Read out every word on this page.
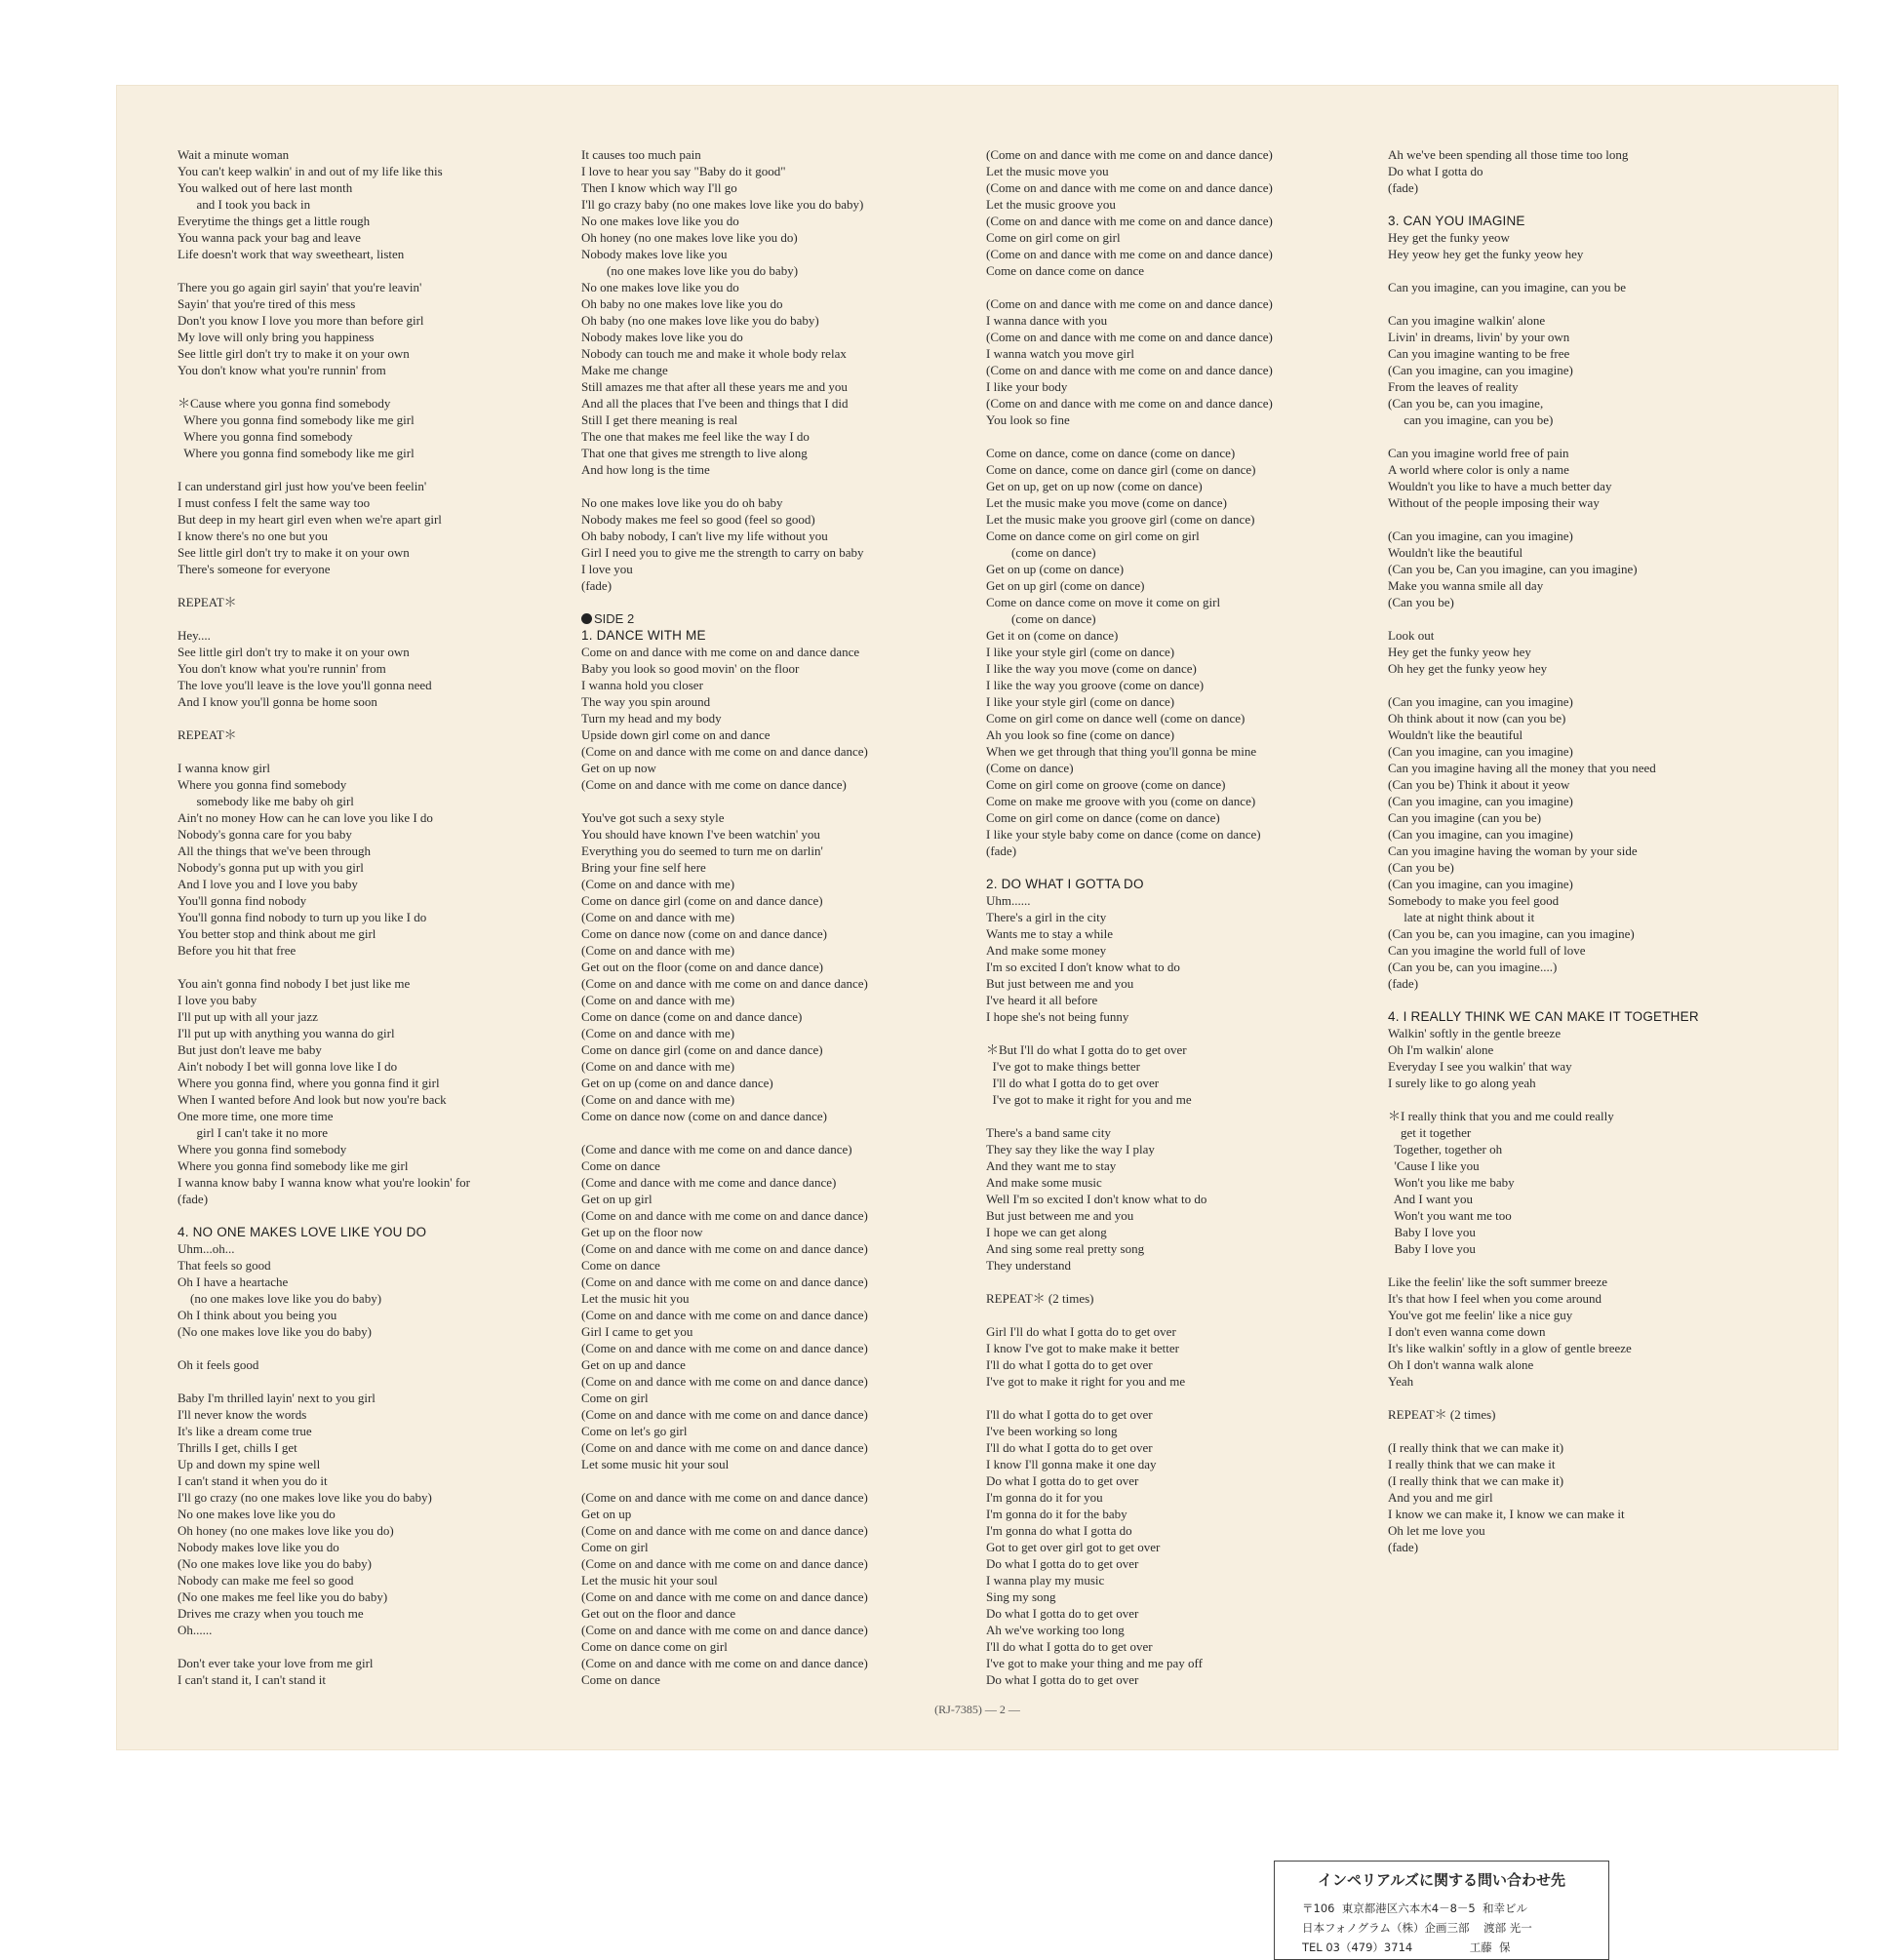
Wait a minute woman
You can't keep walkin' in and out of my life like this
You walked out of here last month
and I took you back in
Everytime the things get a little rough
You wanna pack your bag and leave
Life doesn't work that way sweetheart, listen
There you go again girl sayin' that you're leavin'
Sayin' that you're tired of this mess
Don't you know I love you more than before girl
My love will only bring you happiness
See little girl don't try to make it on your own
You don't know what you're runnin' from
＊Cause where you gonna find somebody
Where you gonna find somebody like me girl
Where you gonna find somebody
Where you gonna find somebody like me girl
I can understand girl just how you've been feelin'
I must confess I felt the same way too
But deep in my heart girl even when we're apart girl
I know there's no one but you
See little girl don't try to make it on your own
There's someone for everyone
REPEAT＊
Hey....
See little girl don't try to make it on your own
You don't know what you're runnin' from
The love you'll leave is the love you'll gonna need
And I know you'll gonna be home soon
REPEAT＊
I wanna know girl
Where you gonna find somebody
somebody like me baby oh girl
Ain't no money How can he can love you like I do
Nobody's gonna care for you baby
All the things that we've been through
Nobody's gonna put up with you girl
And I love you and I love you baby
You'll gonna find nobody
You'll gonna find nobody to turn up you like I do
You better stop and think about me girl
Before you hit that free
You ain't gonna find nobody I bet just like me
I love you baby
I'll put up with all your jazz
I'll put up with anything you wanna do girl
But just don't leave me baby
Ain't nobody I bet will gonna love like I do
Where you gonna find, where you gonna find it girl
When I wanted before And look but now you're back
One more time, one more time
girl I can't take it no more
Where you gonna find somebody
Where you gonna find somebody like me girl
I wanna know baby I wanna know what you're lookin' for
(fade)
4. NO ONE MAKES LOVE LIKE YOU DO
Uhm...oh...
That feels so good
Oh I have a heartache
(no one makes love like you do baby)
Oh I think about you being you
(No one makes love like you do baby)
Oh it feels good
Baby I'm thrilled layin' next to you girl
I'll never know the words
It's like a dream come true
Thrills I get, chills I get
Up and down my spine well
I can't stand it when you do it
I'll go crazy (no one makes love like you do baby)
No one makes love like you do
Oh honey (no one makes love like you do)
Nobody makes love like you do
(No one makes love like you do baby)
Nobody can make me feel so good
(No one makes me feel like you do baby)
Drives me crazy when you touch me
Oh......
Don't ever take your love from me girl
I can't stand it, I can't stand it
It causes too much pain
I love to hear you say "Baby do it good"
Then I know which way I'll go
I'll go crazy baby (no one makes love like you do baby)
No one makes love like you do
Oh honey (no one makes love like you do)
Nobody makes love like you
(no one makes love like you do baby)
No one makes love like you do
Oh baby no one makes love like you do
Oh baby (no one makes love like you do baby)
Nobody makes love like you do
Nobody can touch me and make it whole body relax
Make me change
Still amazes me that after all these years me and you
And all the places that I've been and things that I did
Still I get there meaning is real
The one that makes me feel like the way I do
That one that gives me strength to live along
And how long is the time
No one makes love like you do oh baby
Nobody makes me feel so good (feel so good)
Oh baby nobody, I can't live my life without you
Girl I need you to give me the strength to carry on baby
I love you
(fade)
SIDE 2
1. DANCE WITH ME
Come on and dance with me come on and dance dance
Baby you look so good movin' on the floor
I wanna hold you closer
The way you spin around
Turn my head and my body
Upside down girl come on and dance
(Come on and dance with me come on and dance dance)
Get on up now
(Come on and dance with me come on dance dance)
You've got such a sexy style
You should have known I've been watchin' you
Everything you do seemed to turn me on darlin'
Bring your fine self here
(Come on and dance with me)
Come on dance girl (come on and dance dance)
(Come on and dance with me)
Come on dance now (come on and dance dance)
(Come on and dance with me)
Get out on the floor (come on and dance dance)
(Come on and dance with me come on and dance dance)
(Come on and dance with me)
Come on dance (come on and dance dance)
(Come on and dance with me)
Come on dance girl (come on and dance dance)
(Come on and dance with me)
Get on up (come on and dance dance)
(Come on and dance with me)
Come on dance now (come on and dance dance)
(Come and dance with me come on and dance dance)
Come on dance
(Come and dance with me come and dance dance)
Get on up girl
(Come on and dance with me come on and dance dance)
Get up on the floor now
(Come on and dance with me come on and dance dance)
Come on dance
(Come on and dance with me come on and dance dance)
Let the music hit you
(Come on and dance with me come on and dance dance)
Girl I came to get you
(Come on and dance with me come on and dance dance)
Get on up and dance
(Come on and dance with me come on and dance dance)
Come on girl
(Come on and dance with me come on and dance dance)
Come on let's go girl
(Come on and dance with me come on and dance dance)
Let some music hit your soul
(Come on and dance with me come on and dance dance)
Get on up
(Come on and dance with me come on and dance dance)
Come on girl
(Come on and dance with me come on and dance dance)
Let the music hit your soul
(Come on and dance with me come on and dance dance)
Get out on the floor and dance
(Come on and dance with me come on and dance dance)
Come on dance come on girl
(Come on and dance with me come on and dance dance)
Come on dance
(Come on and dance with me come on and dance dance)
Let the music move you
(Come on and dance with me come on and dance dance)
Let the music groove you
(Come on and dance with me come on and dance dance)
Come on girl come on girl
(Come on and dance with me come on and dance dance)
Come on dance come on dance
(Come on and dance with me come on and dance dance)
I wanna dance with you
(Come on and dance with me come on and dance dance)
I wanna watch you move girl
(Come on and dance with me come on and dance dance)
I like your body
(Come on and dance with me come on and dance dance)
You look so fine
Come on dance, come on dance (come on dance)
Come on dance, come on dance girl (come on dance)
Get on up, get on up now (come on dance)
Let the music make you move (come on dance)
Let the music make you groove girl (come on dance)
Come on dance come on girl come on girl
(come on dance)
Get on up (come on dance)
Get on up girl (come on dance)
Come on dance come on move it come on girl
(come on dance)
Get it on (come on dance)
I like your style girl (come on dance)
I like the way you move (come on dance)
I like the way you groove (come on dance)
I like your style girl (come on dance)
Come on girl come on dance well (come on dance)
Ah you look so fine (come on dance)
When we get through that thing you'll gonna be mine
(Come on dance)
Come on girl come on groove (come on dance)
Come on make me groove with you (come on dance)
Come on girl come on dance (come on dance)
I like your style baby come on dance (come on dance)
(fade)
2. DO WHAT I GOTTA DO
Uhm......
There's a girl in the city
Wants me to stay a while
And make some money
I'm so excited I don't know what to do
But just between me and you
I've heard it all before
I hope she's not being funny
＊But I'll do what I gotta do to get over
I've got to make things better
I'll do what I gotta do to get over
I've got to make it right for you and me
There's a band same city
They say they like the way I play
And they want me to stay
And make some music
Well I'm so excited I don't know what to do
But just between me and you
I hope we can get along
And sing some real pretty song
They understand
REPEAT＊ (2 times)
Girl I'll do what I gotta do to get over
I know I've got to make make it better
I'll do what I gotta do to get over
I've got to make it right for you and me
I'll do what I gotta do to get over
I've been working so long
I'll do what I gotta do to get over
I know I'll gonna make it one day
Do what I gotta do to get over
I'm gonna do it for you
I'm gonna do it for the baby
I'm gonna do what I gotta do
Got to get over girl got to get over
Do what I gotta do to get over
I wanna play my music
Sing my song
Do what I gotta do to get over
Ah we've working too long
I'll do what I gotta do to get over
I've got to make your thing and me pay off
Do what I gotta do to get over
Ah we've been spending all those time too long
Do what I gotta do
(fade)
3. CAN YOU IMAGINE
Hey get the funky yeow
Hey yeow hey get the funky yeow hey
Can you imagine, can you imagine, can you be
Can you imagine walkin' alone
Livin' in dreams, livin' by your own
Can you imagine wanting to be free
(Can you imagine, can you imagine)
From the leaves of reality
(Can you be, can you imagine,
can you imagine, can you be)
Can you imagine world free of pain
A world where color is only a name
Wouldn't you like to have a much better day
Without of the people imposing their way
(Can you imagine, can you imagine)
Wouldn't like the beautiful
(Can you be, Can you imagine, can you imagine)
Make you wanna smile all day
(Can you be)
Look out
Hey get the funky yeow hey
Oh hey get the funky yeow hey
(Can you imagine, can you imagine)
Oh think about it now (can you be)
Wouldn't like the beautiful
(Can you imagine, can you imagine)
Can you imagine having all the money that you need
(Can you be) Think it about it yeow
(Can you imagine, can you imagine)
Can you imagine (can you be)
(Can you imagine, can you imagine)
Can you imagine having the woman by your side
(Can you be)
(Can you imagine, can you imagine)
Somebody to make you feel good
late at night think about it
(Can you be, can you imagine, can you imagine)
Can you imagine the world full of love
(Can you be, can you imagine....)
(fade)
4. I REALLY THINK WE CAN MAKE IT TOGETHER
Walkin' softly in the gentle breeze
Oh I'm walkin' alone
Everyday I see you walkin' that way
I surely like to go along yeah
＊I really think that you and me could really
get it together
Together, together oh
'Cause I like you
Won't you like me baby
And I want you
Won't you want me too
Baby I love you
Baby I love you
Like the feelin' like the soft summer breeze
It's that how I feel when you come around
You've got me feelin' like a nice guy
I don't even wanna come down
It's like walkin' softly in a glow of gentle breeze
Oh I don't wanna walk alone
Yeah
REPEAT＊ (2 times)
(I really think that we can make it)
I really think that we can make it
(I really think that we can make it)
And you and me girl
I know we can make it, I know we can make it
Oh let me love you
(fade)
(RJ-7385) — 2 —
インペリアルズに関する問い合わせ先
〒106  東京都港区六本木4－8－5  和幸ビル
日本フォノグラム（株）企画三部    渡部 光一
TEL 03（479）3714                工藤  保
